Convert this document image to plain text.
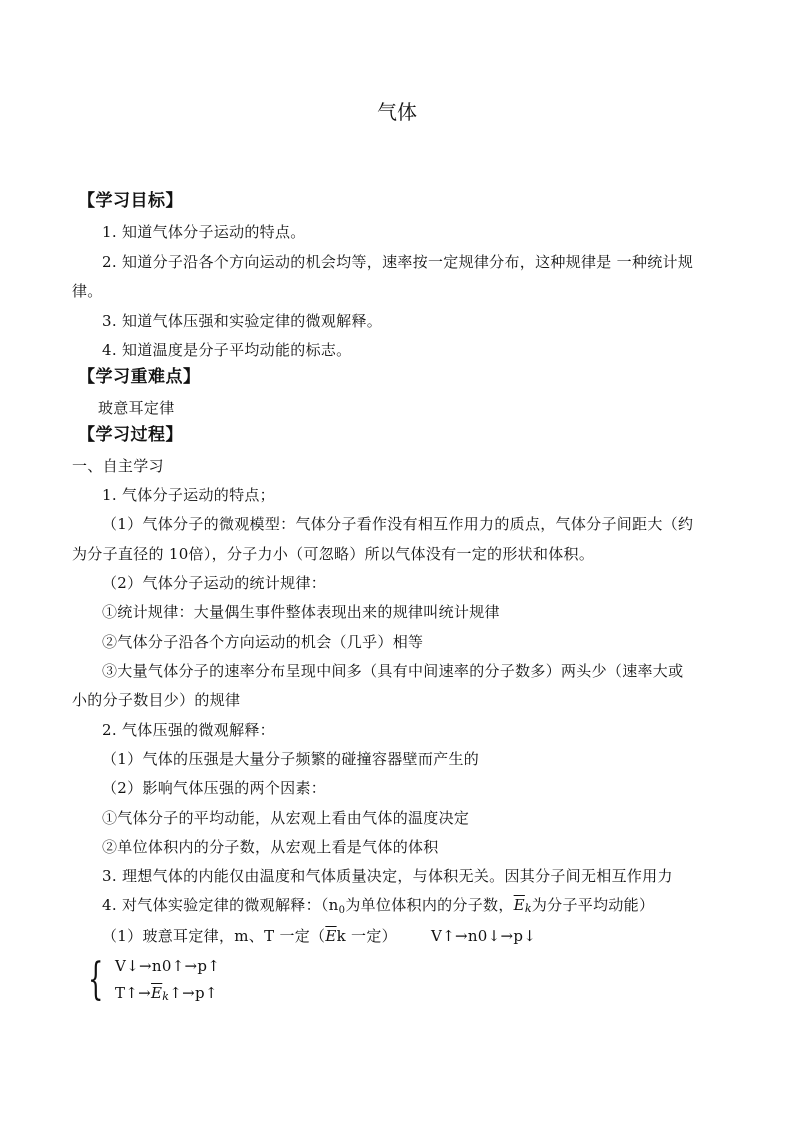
气体
【学习目标】
1. 知道气体分子运动的特点。
2. 知道分子沿各个方向运动的机会均等，速率按一定规律分布，这种规律是 一种统计规
律。
3. 知道气体压强和实验定律的微观解释。
4. 知道温度是分子平均动能的标志。
【学习重难点】
玻意耳定律
【学习过程】
一、自主学习
1. 气体分子运动的特点；
（1）气体分子的微观模型：气体分子看作没有相互作用力的质点，气体分子间距大（约
为分子直径的 10倍），分子力小（可忽略）所以气体没有一定的形状和体积。
（2）气体分子运动的统计规律：
①统计规律：大量偶生事件整体表现出来的规律叫统计规律
②气体分子沿各个方向运动的机会（几乎）相等
③大量气体分子的速率分布呈现中间多（具有中间速率的分子数多）两头少（速率大或
小的分子数目少）的规律
2. 气体压强的微观解释：
（1）气体的压强是大量分子频繁的碰撞容器壁而产生的
（2）影响气体压强的两个因素：
①气体分子的平均动能，从宏观上看由气体的温度决定
②单位体积内的分子数，从宏观上看是气体的体积
3. 理想气体的内能仅由温度和气体质量决定，与体积无关。因其分子间无相互作用力
4. 对气体实验定律的微观解释：（$n_0$为单位体积内的分子数，$\overline{E}k$为分子平均动能）
（1）玻意耳定律，m、T 一定（$\overline{E}k$ 一定） V↑→n0↓→p↓
{ V↓→n0↑→p↑
$T↑\to\overline{E}k↑\to p↑$
